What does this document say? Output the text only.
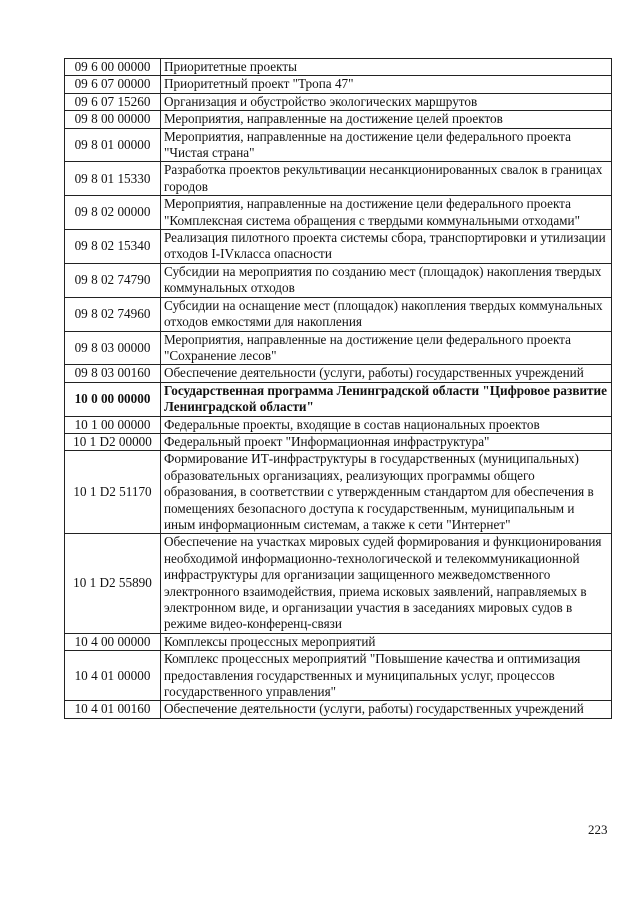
09 6 00 00000	Приоритетные проекты
09 6 07 00000	Приоритетный проект "Тропа 47"
09 6 07 15260	Организация и обустройство экологических маршрутов
09 8 00 00000	Мероприятия, направленные на достижение целей проектов
09 8 01 00000	Мероприятия, направленные на достижение цели федерального проекта "Чистая страна"
09 8 01 15330	Разработка проектов рекультивации несанкционированных свалок в границах городов
09 8 02 00000	Мероприятия, направленные на достижение цели федерального проекта "Комплексная система обращения с твердыми коммунальными отходами"
09 8 02 15340	Реализация пилотного проекта системы сбора, транспортировки и утилизации отходов I-IVкласса опасности
09 8 02 74790	Субсидии на мероприятия по созданию мест (площадок) накопления твердых коммунальных отходов
09 8 02 74960	Субсидии на оснащение мест (площадок) накопления твердых коммунальных отходов емкостями для накопления
09 8 03 00000	Мероприятия, направленные на достижение цели федерального проекта "Сохранение лесов"
09 8 03 00160	Обеспечение деятельности (услуги, работы) государственных учреждений
10 0 00 00000	Государственная программа Ленинградской области "Цифровое развитие Ленинградской области"
10 1 00 00000	Федеральные проекты, входящие в состав национальных проектов
10 1 D2 00000	Федеральный проект "Информационная инфраструктура"
10 1 D2 51170	Формирование ИТ-инфраструктуры в государственных (муниципальных) образовательных организациях, реализующих программы общего образования, в соответствии с утвержденным стандартом для обеспечения в помещениях безопасного доступа к государственным, муниципальным и иным информационным системам, а также к сети "Интернет"
10 1 D2 55890	Обеспечение на участках мировых судей формирования и функционирования необходимой информационно-технологической и телекоммуникационной инфраструктуры для организации защищенного межведомственного электронного взаимодействия, приема исковых заявлений, направляемых в электронном виде, и организации участия в заседаниях мировых судов в режиме видео-конференц-связи
10 4 00 00000	Комплексы процессных мероприятий
10 4 01 00000	Комплекс процессных мероприятий "Повышение качества и оптимизация предоставления государственных и муниципальных услуг, процессов государственного управления"
10 4 01 00160	Обеспечение деятельности (услуги, работы) государственных учреждений
223
